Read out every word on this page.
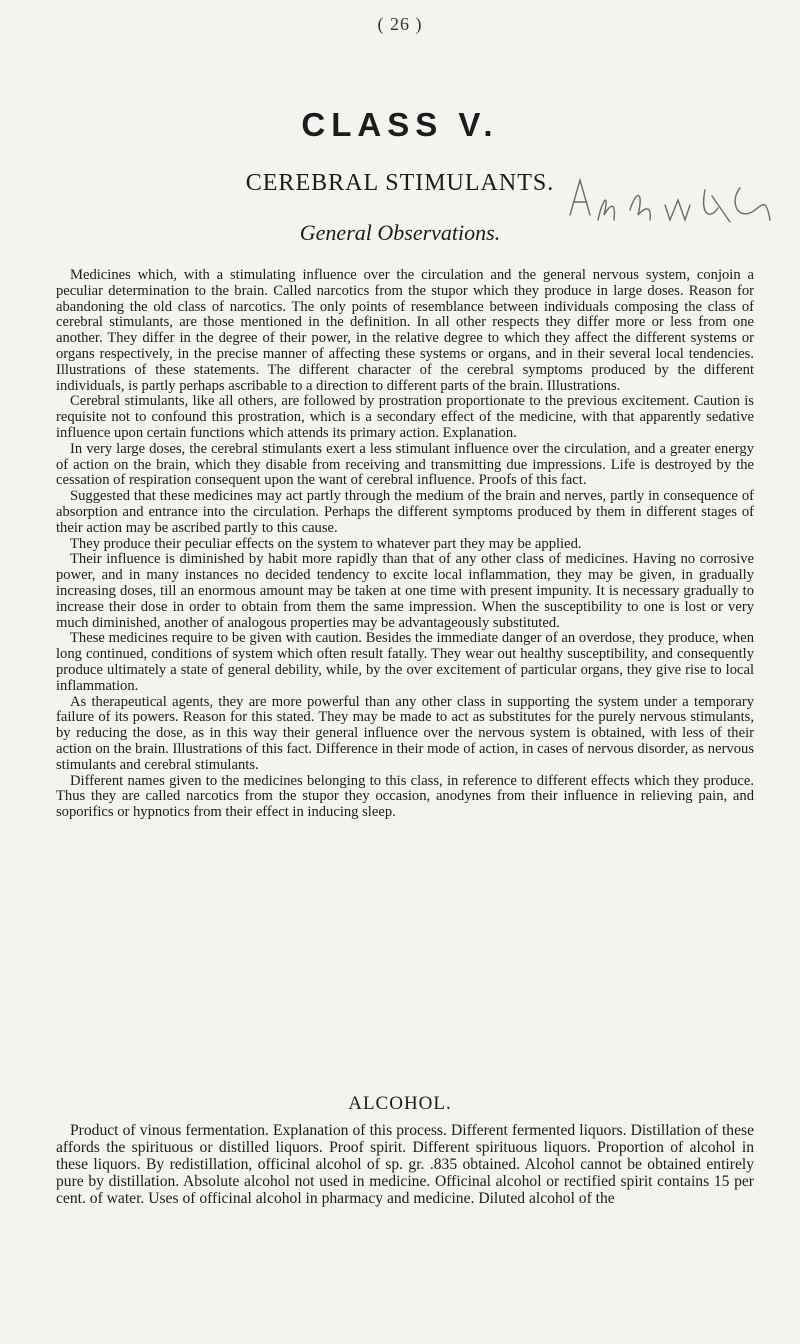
( 26 )
CLASS V.
CEREBRAL STIMULANTS.
General Observations.

Medicines which, with a stimulating influence over the circulation and the general nervous system, conjoin a peculiar determination to the brain. Called narcotics from the stupor which they produce in large doses. Reason for abandoning the old class of narcotics. The only points of resemblance between individuals composing the class of cerebral stimulants, are those mentioned in the definition. In all other respects they differ more or less from one another. They differ in the degree of their power, in the relative degree to which they affect the different systems or organs respectively, in the precise manner of affecting these systems or organs, and in their several local tendencies. Illustrations of these statements. The different character of the cerebral symptoms produced by the different individuals, is partly perhaps ascribable to a direction to different parts of the brain. Illustrations.

Cerebral stimulants, like all others, are followed by prostration proportionate to the previous excitement. Caution is requisite not to confound this prostration, which is a secondary effect of the medicine, with that apparently sedative influence upon certain functions which attends its primary action. Explanation.

In very large doses, the cerebral stimulants exert a less stimulant influence over the circulation, and a greater energy of action on the brain, which they disable from receiving and transmitting due impressions. Life is destroyed by the cessation of respiration consequent upon the want of cerebral influence. Proofs of this fact.

Suggested that these medicines may act partly through the medium of the brain and nerves, partly in consequence of absorption and entrance into the circulation. Perhaps the different symptoms produced by them in different stages of their action may be ascribed partly to this cause.

They produce their peculiar effects on the system to whatever part they may be applied.

Their influence is diminished by habit more rapidly than that of any other class of medicines. Having no corrosive power, and in many instances no decided tendency to excite local inflammation, they may be given, in gradually increasing doses, till an enormous amount may be taken at one time with present impunity. It is necessary gradually to increase their dose in order to obtain from them the same impression. When the susceptibility to one is lost or very much diminished, another of analogous properties may be advantageously substituted.

These medicines require to be given with caution. Besides the immediate danger of an overdose, they produce, when long continued, conditions of system which often result fatally. They wear out healthy susceptibility, and consequently produce ultimately a state of general debility, while, by the over excitement of particular organs, they give rise to local inflammation.

As therapeutical agents, they are more powerful than any other class in supporting the system under a temporary failure of its powers. Reason for this stated. They may be made to act as substitutes for the purely nervous stimulants, by reducing the dose, as in this way their general influence over the nervous system is obtained, with less of their action on the brain. Illustrations of this fact. Difference in their mode of action, in cases of nervous disorder, as nervous stimulants and cerebral stimulants.

Different names given to the medicines belonging to this class, in reference to different effects which they produce. Thus they are called narcotics from the stupor they occasion, anodynes from their influence in relieving pain, and soporifics or hypnotics from their effect in inducing sleep.

ALCOHOL.

Product of vinous fermentation. Explanation of this process. Different fermented liquors. Distillation of these affords the spirituous or distilled liquors. Proof spirit. Different spirituous liquors. Proportion of alcohol in these liquors. By redistillation, officinal alcohol of sp. gr. .835 obtained. Alcohol cannot be obtained entirely pure by distillation. Absolute alcohol not used in medicine. Officinal alcohol or rectified spirit contains 15 per cent. of water. Uses of officinal alcohol in pharmacy and medicine. Diluted alcohol of the
